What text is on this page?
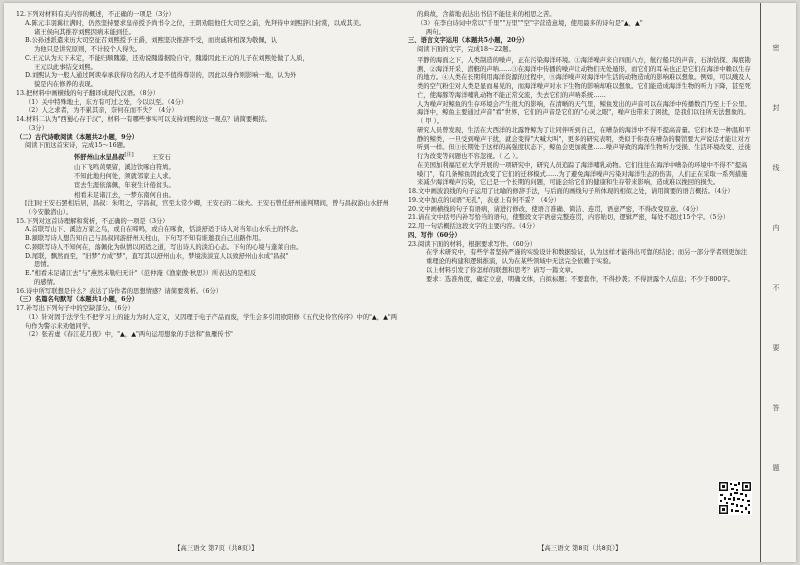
12.下列对材料有关内容的概述，不正确的一项是（3分）

A.陈元丰羽翼壮满时，仍然坚持要求皇帝授予尚书令之位，王朗劝阻他任大司空之前，先拜侍中刘熙辞让封赏，以成其美。

诸王侯向其推荐刘熙因病未能到任。

B.公孙述派遣来历大司空征召刘熙授予王爵，刘熙坚决推辞不受，而贵戚将相深为敬佩，认

为他只是讲究原则，不计较个人得失。

C.王元认为天下未定，不能归顺隗嚣，还劝说隗嚣据险自守，隗嚣因此王元的儿子在刘熙处做了人质，

王元以此事结交刘熙。

D.刘熙认为一般人通过阿谀奉承获得功名的人才是不值得尊崇的，因此以身作则影响一地，认为外

貌是内在修养的表现。

13.把材料中画横线的句子翻译成现代汉语。（8分）

（1）关中特殊地土，东方有可过之处，今以以至。（4分）

（2）人之求者，为不累其亲，奈何在而不失？（4分）

14.材料二认为"西蜀心存于汉"，材料一有哪些事实可以支持刘熙的这一观点？请简要概括。

（3分）

（二）古代诗歌阅读（本题共2小题，9分）

阅读下面这首宋诗，完成15～16题。

怀舒州山水呈昌叔[注]	王安石

山下飞鸣黄栗留，溪边饮啄白符鸠。

不知此地归何处，须就邻家主人求。

宦去生涯依落佩，年衰生计倦贫头。

相看未足诸江去，一梦东南何自由。

[注]时王安石罢相后居，昌叔：朱明之，字昌叔，官至太常少卿，王安石的二妹夫。王安石曾任舒州通判期间，曾与昌叔游山水舒州（今安徽潜山）。

15.下列对这首诗理解和赏析，不正确的一项是（3分）

A.首联写山下、溪边万家之鸟，或自在啼鸣，或自在啄食，恬淡舒适于诗人对当年山水乐土的怀念。

B.颔联写诗人想告知自己与昌叔同游舒州天柱山，下句写不知有谁邀我自己出路作用。

C.颈联写诗人不知何在，落佩化为纵情以闲适之道，写出诗人的淡泊心态。下句的心境与蓬莱自由。

D.尾联，飘然而至，"旧梦"方成"梦"，直写其以舒州山水，梦境淡淡宜人以致舒州山水成"昌叔"

思情。

E."相看未足诸江去"与"燕然未勒归无计"（范仲淹《渔家傲·秋思》）所表达的是相反

的感情。

16.诗中所写联想是什么？表达了诗作者的思想情感？请简要赏析。（6分）

（三）名篇名句默写（本题共1小题，6分）

17.补写出下列句子中的空缺部分。（6分）

（1）针对固于法学生不把学习上的能力为时人定义，又因理于电子产品而废，学生会多引用欧阳修《五代史伶官传序》中的"▲，▲"两句作为警示来劝勉同学。

（2）张若虚《春江花月夜》中，"▲，▲"两句运用想象的手法和"鱼雁传书"

的典故，含蓄地表达出书信不能往来的相思之苦。

（3）在李白诗词中常以"千里""万里""空"字营造意境，使用最多的诗句是"▲，▲"

两句。

三、语言文字运用（本题共5小题，20分）

阅读下面的文字，完成18～22题。

平静的海面之下，人类制造的噪声，正在污染海洋环境。①海洋噪声来自四面八方，航行船只的声音，石油钻探、海底勘测、②海洋开采、潜艇的声呐……③在海洋中传播的噪声让动物们无处遁形，而它们的耳朵也正是它们在海洋中赖以生存的地方。④人类在长期利用海洋资源的过程中，⑤海洋噪声对海洋中生活的动物造成的影响难以想象。例如，可以溅及人类的空气粉尘对人类是显而易见的，而海洋噪声对水下生物的影响却难以想象。它们能造成海洋生物的听力下降，甚至死亡，使海豚等海洋哺乳动物不能正常交流，失去它们的声呐系统……

人为噪声对鲸鱼的生存环境会产生很大的影响，在清晰的天气里，鲸鱼发出的声音可以在海洋中传播数百乃至上千公里。海洋中，鲸鱼主要通过声音"看"世界，它们的声音是它们的"心灵之眼"，噪声也带来了困扰，是我们以往所无法想象的。（ 甲 ）。

研究人员曾发现，生活在大西洋的北露脊鲸为了让同伴听到自己，在嘈杂的海洋中不得不提高音量。它们本是一种温和平静的鲸类，一旦受到噪声干扰，就会变得"大喊大叫"，更多的研究表明，类似于你我在嘈杂的餐馆要大声说话才能让对方听到一样。但③长期处于这样的高强度状态下，鲸鱼会更加疲惫……噪声导致的海洋生物听力受损、生活环境改变、迁徙行为改变等问题也不容忽视。（ 乙 ）。

在美国加利福尼亚大学开展的一项研究中，研究人员追踪了海洋哺乳动物。它们往往在海洋中嘈杂的环境中不得不"提高嗓门"，有几条鲸鱼因此改变了它们的迁移模式……为了避免海洋噪声污染对海洋生态的伤害，人们正在采取一系列措施来减少海洋噪声污染，它已是一个长期的问题，可能会给它们的健康和生存带来影响，造成难以挽回的损失。

18.文中画波浪线的句子运用了比喻的修辞手法，与后面的画线句子所体现的相似之处，请用简要的语言概括。（4分）

19.文中加点的词语"无孔"，表意上有何不妥？（4分）

20.文中画横线的句子有语病，请进行修改，使语言准确、简洁、连贯，语意严密，不得改变原意。（4分）

21.请在文中括号内补写恰当的语句，使整段文字语意完整连贯，内容贴切，逻辑严密，每处不超过15个字。（5分）

22.用一句话概括这段文字的主要内容。（4分）

四、写作（60分）

23.阅读下面的材料，根据要求写作。（60分）

在学术研究中，有些学者坚持严谨的实验设计和数据验证，认为这样才能得出可靠的结论；而另一部分学者则更加注重理论的构建和逻辑推演，认为在某些领域中无法完全依赖于实验。

以上材料引发了你怎样的联想和思考？请写一篇文章。

要求：选准角度，确定立意，明确文体，自拟标题；不要套作，不得抄袭；不得泄露个人信息；不少于800字。

【高三语文 第7页（共8页）】	【高三语文 第8页（共8页）】
密
封
线
内
不
要
答
题
